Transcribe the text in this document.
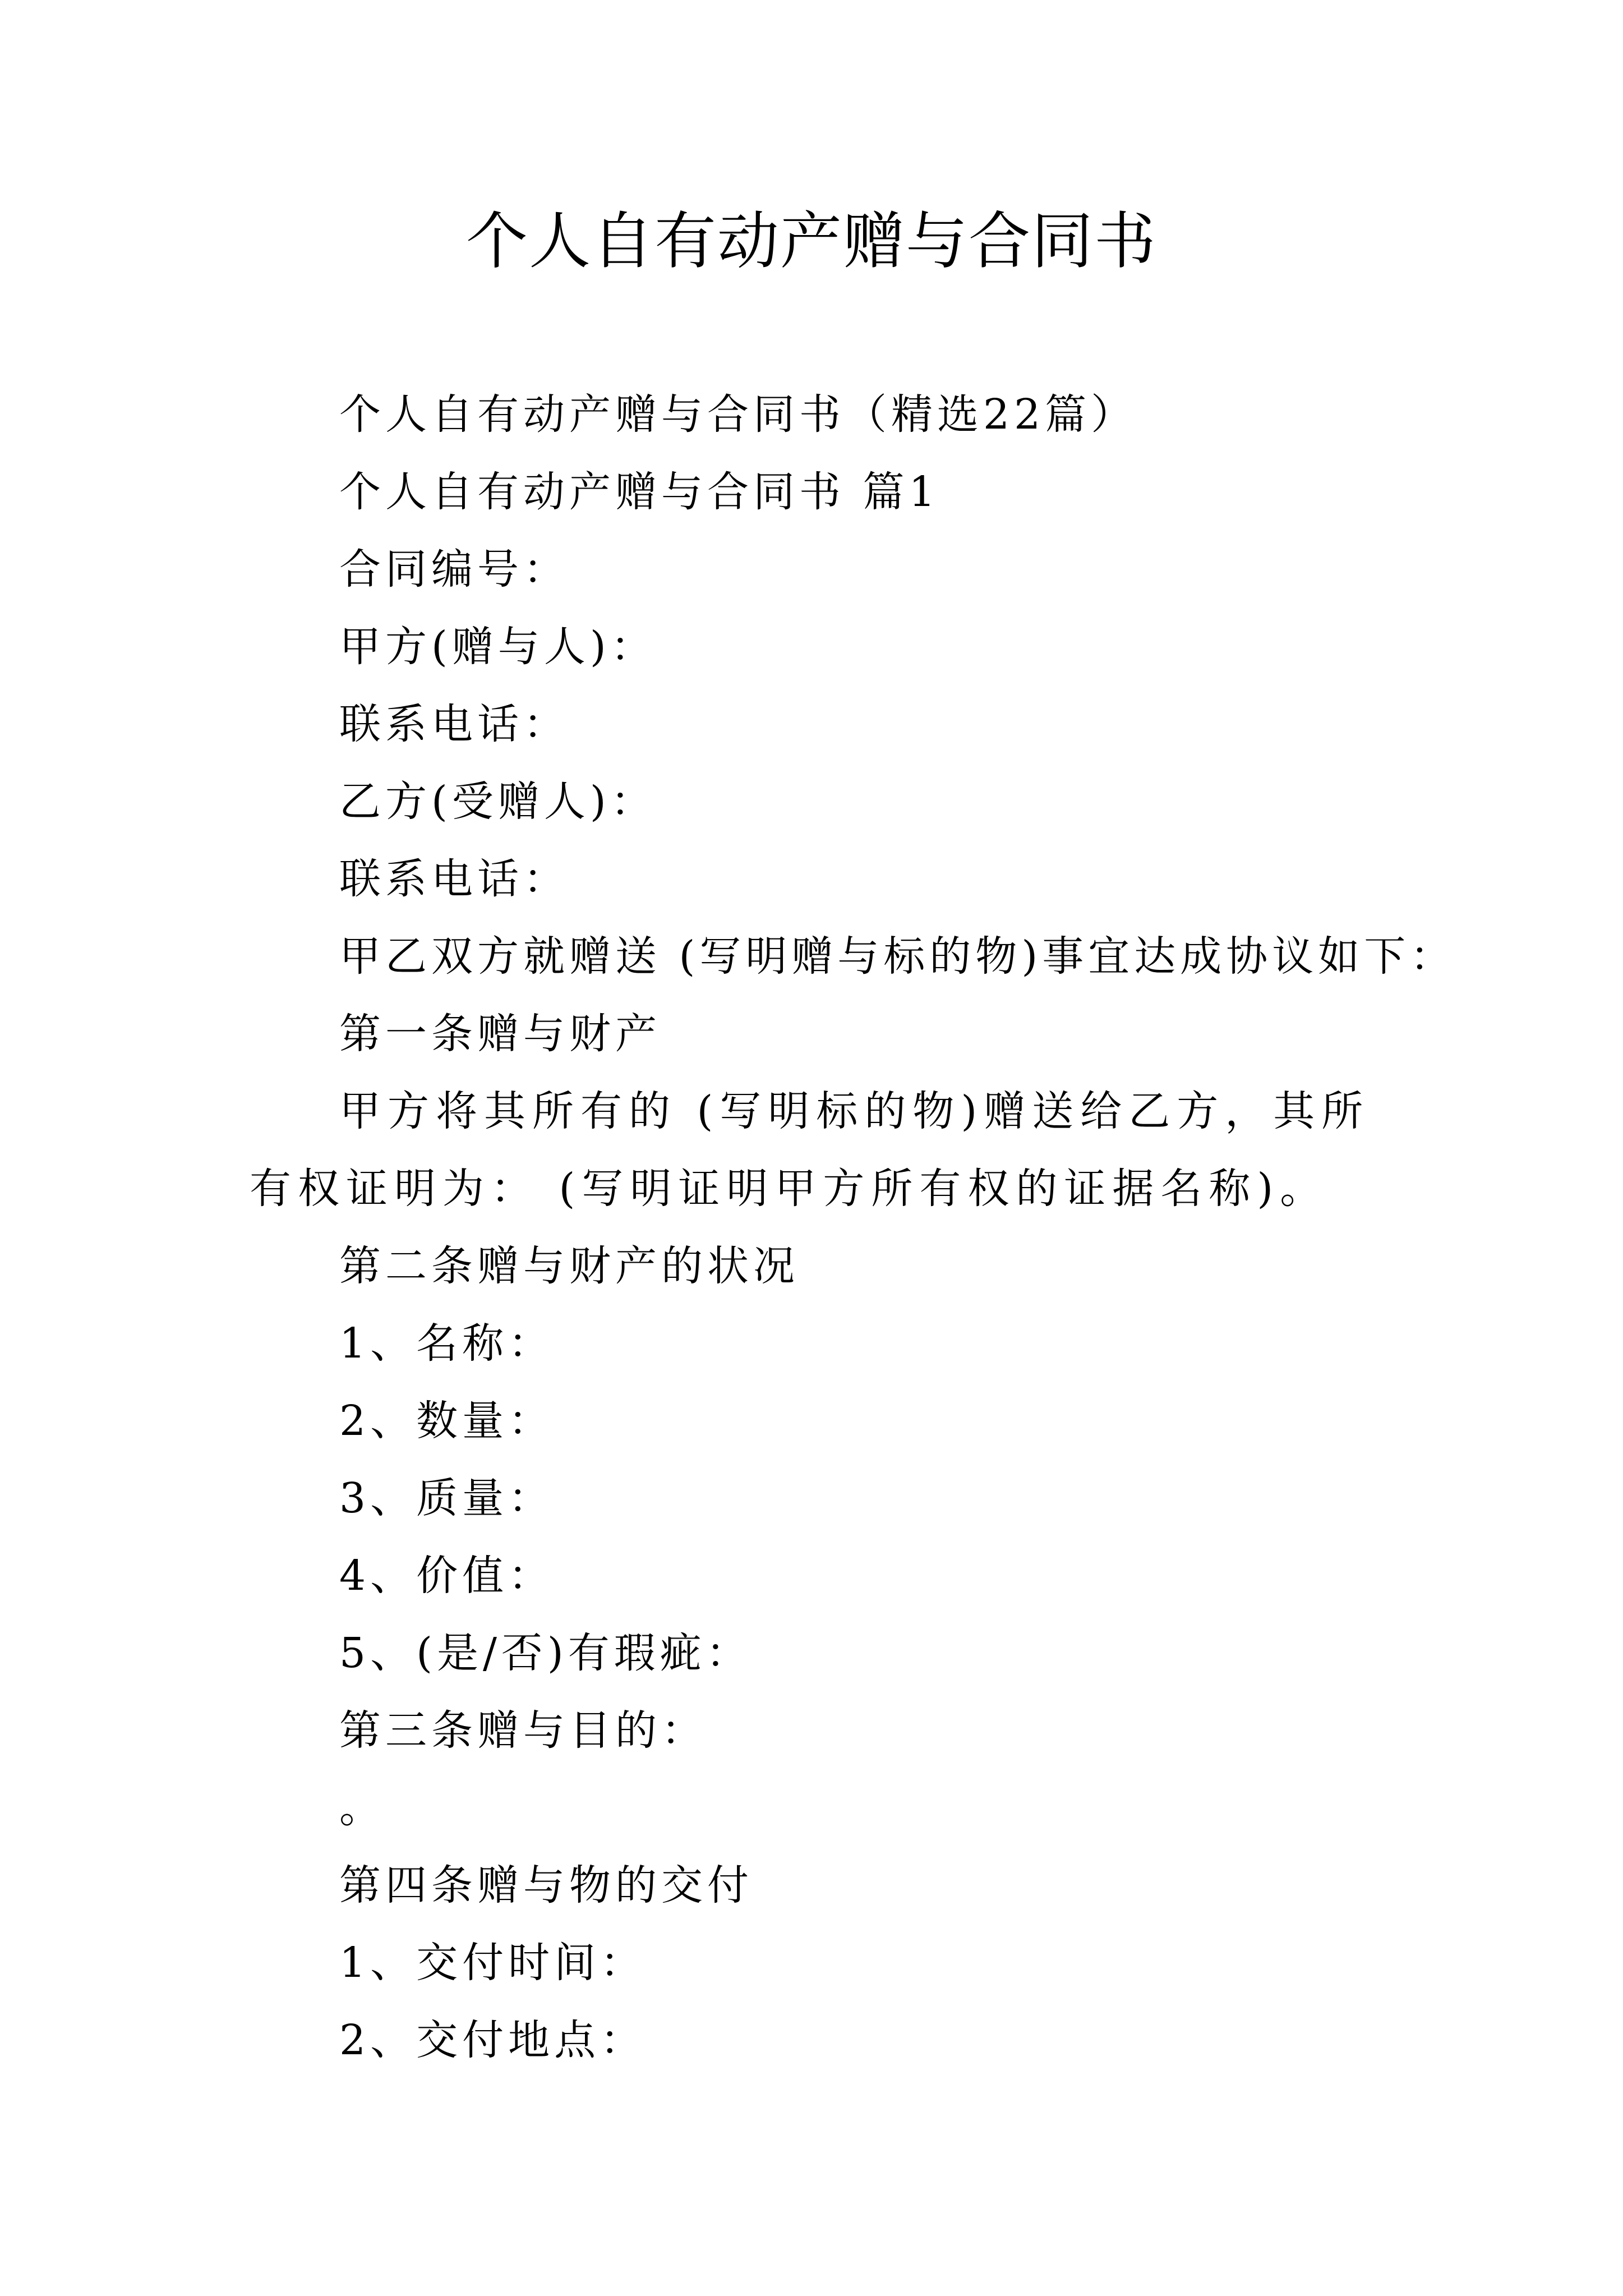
个人自有动产赠与合同书

个人自有动产赠与合同书（精选22篇）

个人自有动产赠与合同书 篇1

合同编号：

甲方(赠与人)：

联系电话：

乙方(受赠人)：

联系电话：

甲乙双方就赠送 (写明赠与标的物)事宜达成协议如下：

第一条赠与财产

甲方将其所有的 (写明标的物)赠送给乙方，其所有权证明为： (写明证明甲方所有权的证据名称)。

第二条赠与财产的状况

1、名称：

2、数量：

3、质量：

4、价值：

5、(是/否)有瑕疵：

第三条赠与目的：

。

第四条赠与物的交付

1、交付时间：

2、交付地点：
